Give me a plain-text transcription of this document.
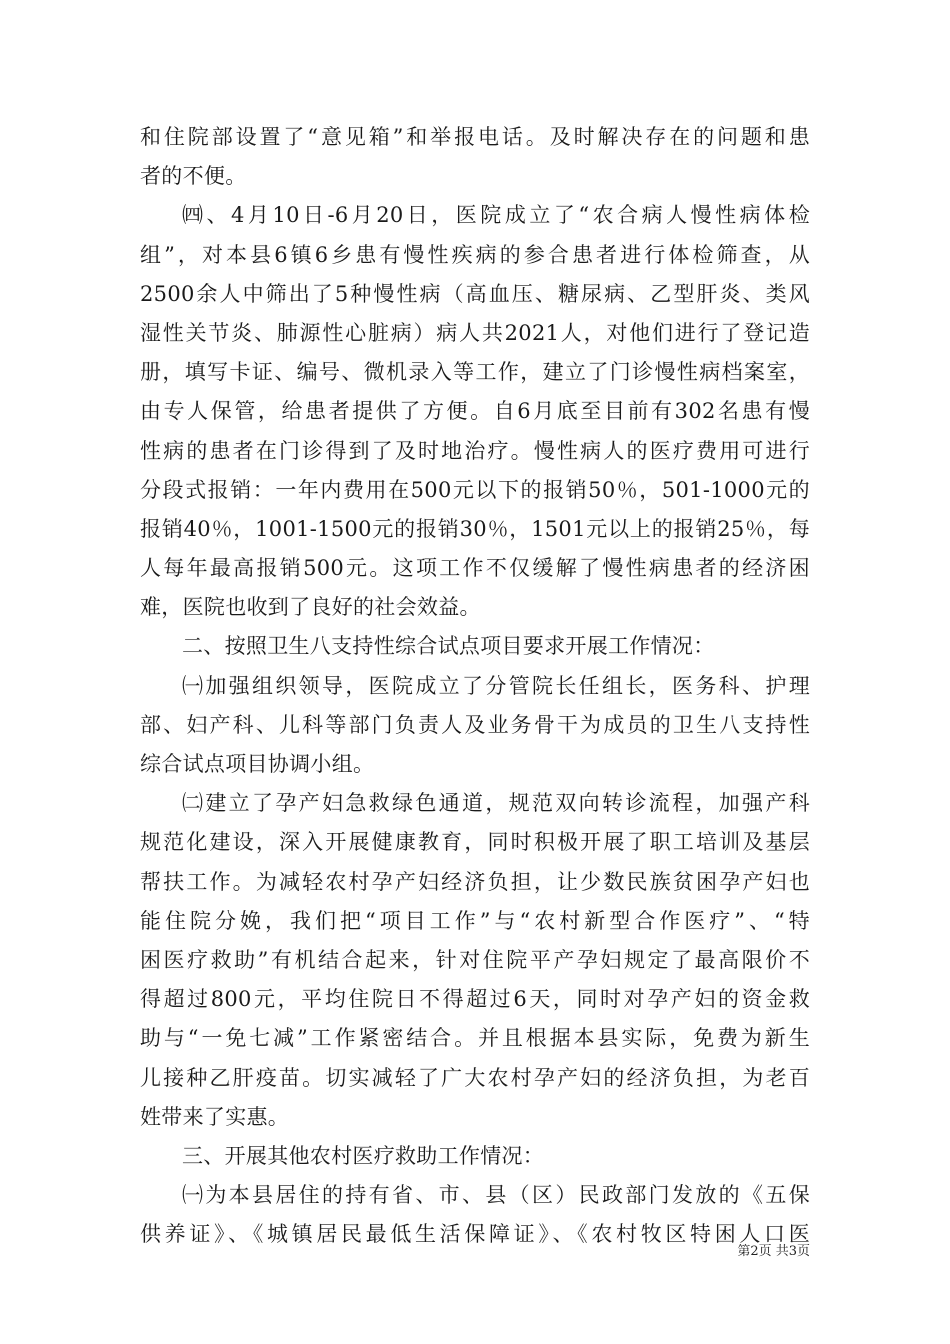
和住院部设置了“意见箱”和举报电话。及时解决存在的问题和患
者的不便。
㈣、4月10日-6月20日，医院成立了“农合病人慢性病体检
组”，对本县6镇6乡患有慢性疾病的参合患者进行体检筛查，从
2500余人中筛出了5种慢性病（高血压、糖尿病、乙型肝炎、类风
湿性关节炎、肺源性心脏病）病人共2021人，对他们进行了登记造
册，填写卡证、编号、微机录入等工作，建立了门诊慢性病档案室，
由专人保管，给患者提供了方便。自6月底至目前有302名患有慢
性病的患者在门诊得到了及时地治疗。慢性病人的医疗费用可进行
分段式报销：一年内费用在500元以下的报销50％，501-1000元的
报销40％，1001-1500元的报销30％，1501元以上的报销25％，每
人每年最高报销500元。这项工作不仅缓解了慢性病患者的经济困
难，医院也收到了良好的社会效益。
二、按照卫生八支持性综合试点项目要求开展工作情况：
㈠加强组织领导，医院成立了分管院长任组长，医务科、护理
部、妇产科、儿科等部门负责人及业务骨干为成员的卫生八支持性
综合试点项目协调小组。
㈡建立了孕产妇急救绿色通道，规范双向转诊流程，加强产科
规范化建设，深入开展健康教育，同时积极开展了职工培训及基层
帮扶工作。为减轻农村孕产妇经济负担，让少数民族贫困孕产妇也
能住院分娩，我们把“项目工作”与“农村新型合作医疗”、“特
困医疗救助”有机结合起来，针对住院平产孕妇规定了最高限价不
得超过800元，平均住院日不得超过6天，同时对孕产妇的资金救
助与“一免七减”工作紧密结合。并且根据本县实际，免费为新生
儿接种乙肝疫苗。切实减轻了广大农村孕产妇的经济负担，为老百
姓带来了实惠。
三、开展其他农村医疗救助工作情况：
㈠为本县居住的持有省、市、县（区）民政部门发放的《五保
供养证》、《城镇居民最低生活保障证》、《农村牧区特困人口医
第2页 共3页
